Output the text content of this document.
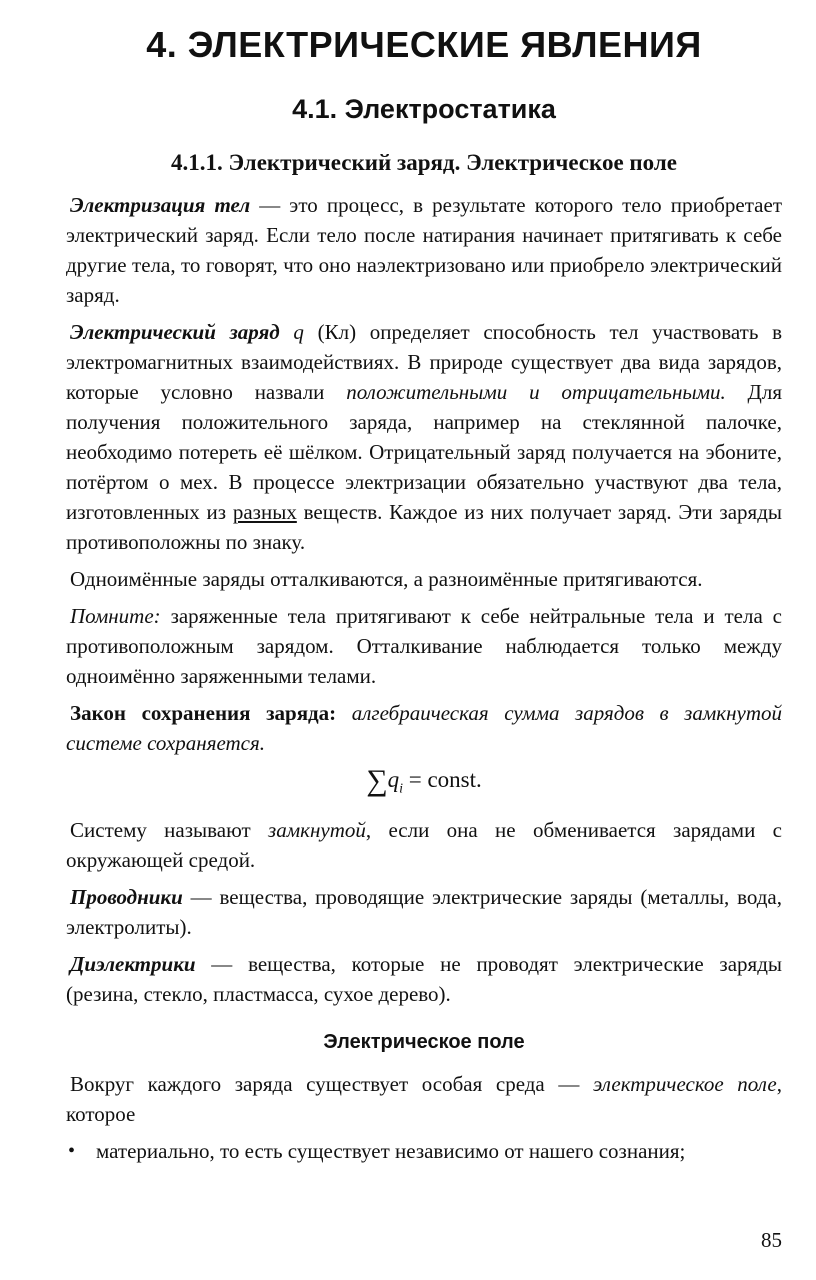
4. ЭЛЕКТРИЧЕСКИЕ ЯВЛЕНИЯ
4.1. Электростатика
4.1.1. Электрический заряд. Электрическое поле

Электризация тел — это процесс, в результате которого тело приобретает электрический заряд. Если тело после натирания начинает притягивать к себе другие тела, то говорят, что оно наэлектризовано или приобрело электрический заряд.

Электрический заряд q (Кл) определяет способность тел участвовать в электромагнитных взаимодействиях. В природе существует два вида зарядов, которые условно назвали положительными и отрицательными. Для получения положительного заряда, например на стеклянной палочке, необходимо потереть её шёлком. Отрицательный заряд получается на эбоните, потёртом о мех. В процессе электризации обязательно участвуют два тела, изготовленных из разных веществ. Каждое из них получает заряд. Эти заряды противоположны по знаку.

Одноимённые заряды отталкиваются, а разноимённые притягиваются.

Помните: заряженные тела притягивают к себе нейтральные тела и тела с противоположным зарядом. Отталкивание наблюдается только между одноимённо заряженными телами.

Закон сохранения заряда: алгебраическая сумма зарядов в замкнутой системе сохраняется.

$\sum q_i$ = const.

Систему называют замкнутой, если она не обменивается зарядами с окружающей средой.

Проводники — вещества, проводящие электрические заряды (металлы, вода, электролиты).

Диэлектрики — вещества, которые не проводят электрические заряды (резина, стекло, пластмасса, сухое дерево).

Электрическое поле

Вокруг каждого заряда существует особая среда — электрическое поле, которое

• материально, то есть существует независимо от нашего сознания;
85
